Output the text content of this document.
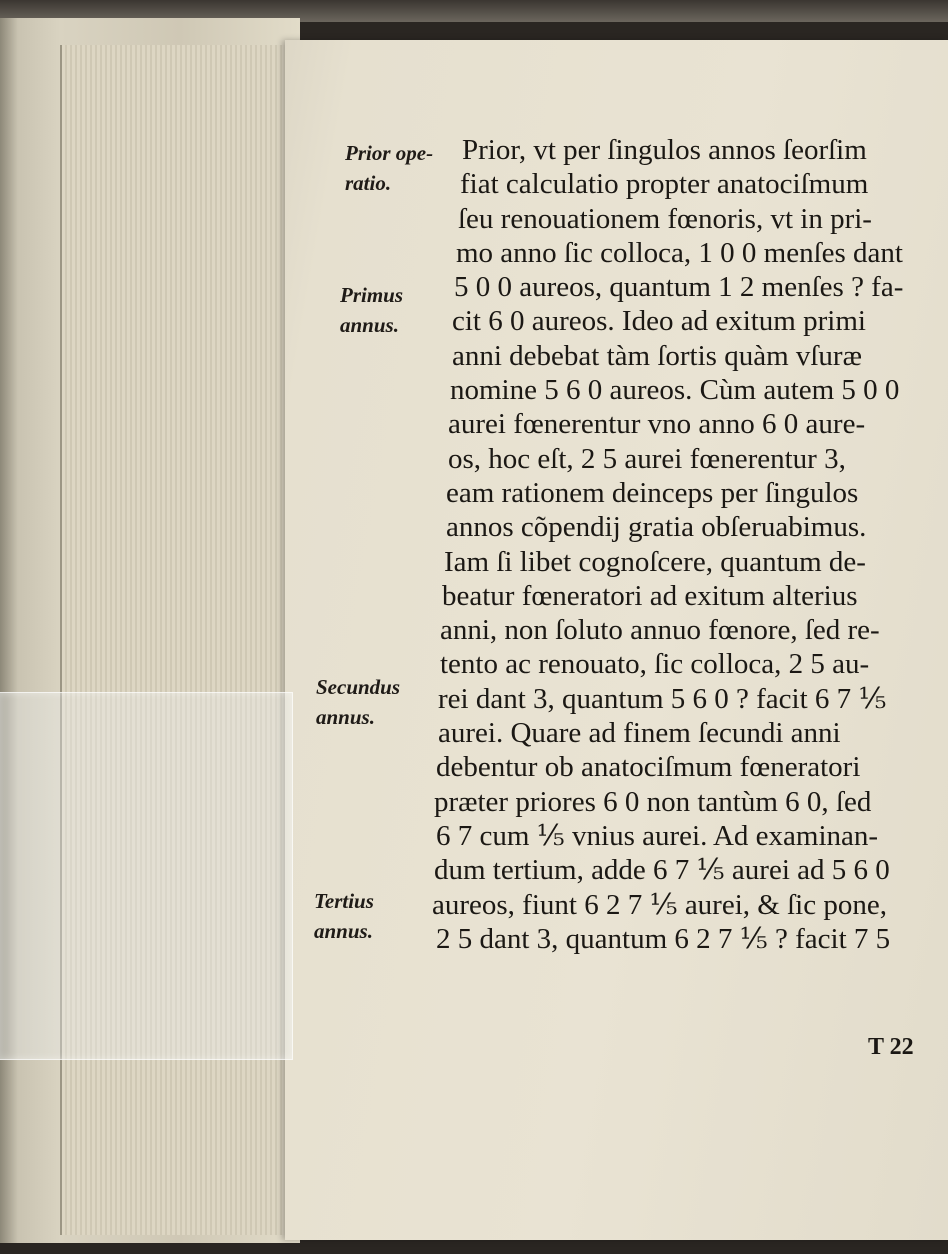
Prior ope-
ratio.
Primus
annus.
Secundus
annus.
Tertius
annus.
Prior, vt per ſingulos annos ſeorſim
fiat calculatio propter anatociſmum
ſeu renouationem fœnoris, vt in pri-
mo anno ſic colloca, 1 0 0 menſes dant
5 0 0 aureos, quantum 1 2 menſes ? fa-
cit 6 0 aureos. Ideo ad exitum primi
anni debebat tàm ſortis quàm vſuræ
nomine 5 6 0 aureos. Cùm autem 5 0 0
aurei fœnerentur vno anno 6 0 aure-
os, hoc eſt, 2 5 aurei fœnerentur 3,
eam rationem deinceps per ſingulos
annos cõpendij gratia obſeruabimus.
Iam ſi libet cognoſcere, quantum de-
beatur fœneratori ad exitum alterius
anni, non ſoluto annuo fœnore, ſed re-
tento ac renouato, ſic colloca, 2 5 au-
rei dant 3, quantum 5 6 0 ? facit 6 7 ⅕
aurei. Quare ad finem ſecundi anni
debentur ob anatociſmum fœneratori
præter priores 6 0 non tantùm 6 0, ſed
6 7 cum ⅕ vnius aurei. Ad examinan-
dum tertium, adde 6 7 ⅕ aurei ad 5 6 0
aureos, fiunt 6 2 7 ⅕ aurei, & ſic pone,
2 5 dant 3, quantum 6 2 7 ⅕ ? facit 7 5
T 22
